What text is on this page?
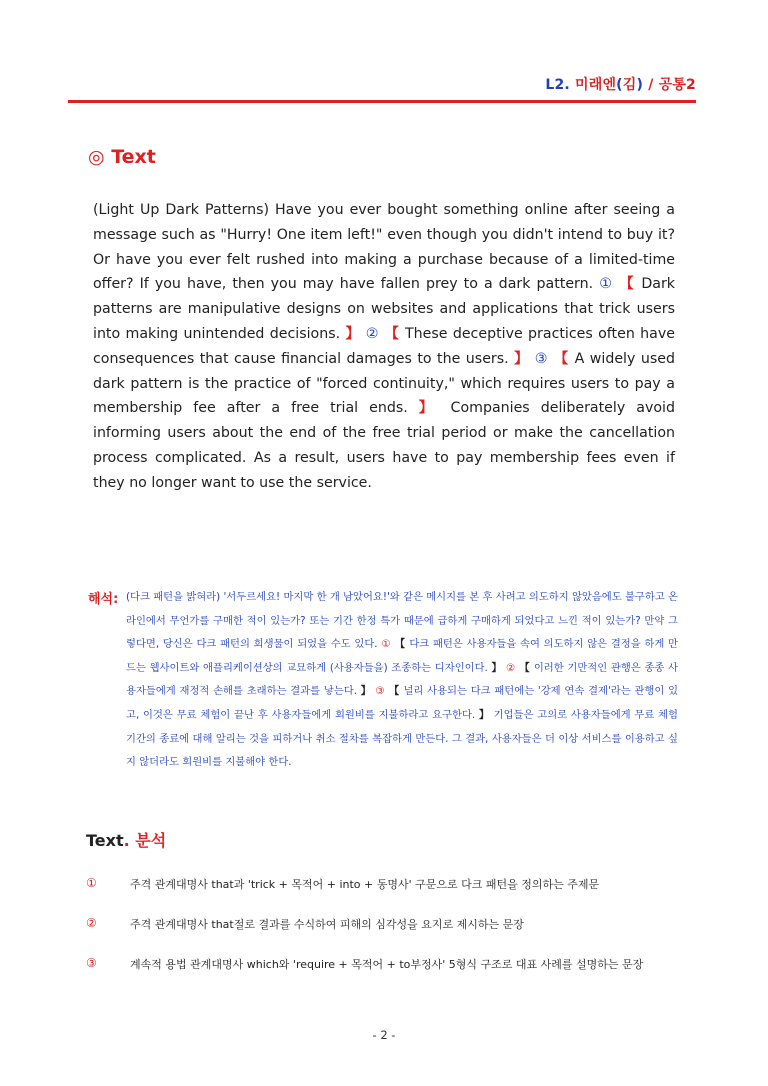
L2. 미래엔(김) / 공통2
◎ Text
(Light Up Dark Patterns) Have you ever bought something online after seeing a message such as "Hurry! One item left!" even though you didn't intend to buy it? Or have you ever felt rushed into making a purchase because of a limited-time offer? If you have, then you may have fallen prey to a dark pattern. ① 【 Dark patterns are manipulative designs on websites and applications that trick users into making unintended decisions. 】 ② 【 These deceptive practices often have consequences that cause financial damages to the users. 】 ③ 【 A widely used dark pattern is the practice of "forced continuity," which requires users to pay a membership fee after a free trial ends. 】 Companies deliberately avoid informing users about the end of the free trial period or make the cancellation process complicated. As a result, users have to pay membership fees even if they no longer want to use the service.
해석: (다크 패턴을 밝혀라) '서두르세요! 마지막 한 개 남았어요!'와 같은 메시지를 본 후 사려고 의도하지 않았음에도 불구하고 온라인에서 무언가를 구매한 적이 있는가? 또는 기간 한정 특가 때문에 급하게 구매하게 되었다고 느낀 적이 있는가? 만약 그렇다면, 당신은 다크 패턴의 희생물이 되었을 수도 있다. ① 【 다크 패턴은 사용자들을 속여 의도하지 않은 결정을 하게 만드는 웹사이트와 애플리케이션상의 교묘하게 (사용자들을) 조종하는 디자인이다. 】 ② 【 이러한 기만적인 관행은 종종 사용자들에게 재정적 손해를 초래하는 결과를 낳는다. 】 ③ 【 널리 사용되는 다크 패턴에는 '강제 연속 결제'라는 관행이 있고, 이것은 무료 체험이 끝난 후 사용자들에게 회원비를 지불하라고 요구한다. 】 기업들은 고의로 사용자들에게 무료 체험 기간의 종료에 대해 알리는 것을 피하거나 취소 절차를 복잡하게 만든다. 그 결과, 사용자들은 더 이상 서비스를 이용하고 싶지 않더라도 회원비를 지불해야 한다.
Text. 분석
①	주격 관계대명사 that과 'trick + 목적어 + into + 동명사' 구문으로 다크 패턴을 정의하는 주제문
②	주격 관계대명사 that절로 결과를 수식하여 피해의 심각성을 요지로 제시하는 문장
③	계속적 용법 관계대명사 which와 'require + 목적어 + to부정사' 5형식 구조로 대표 사례를 설명하는 문장
- 2 -
